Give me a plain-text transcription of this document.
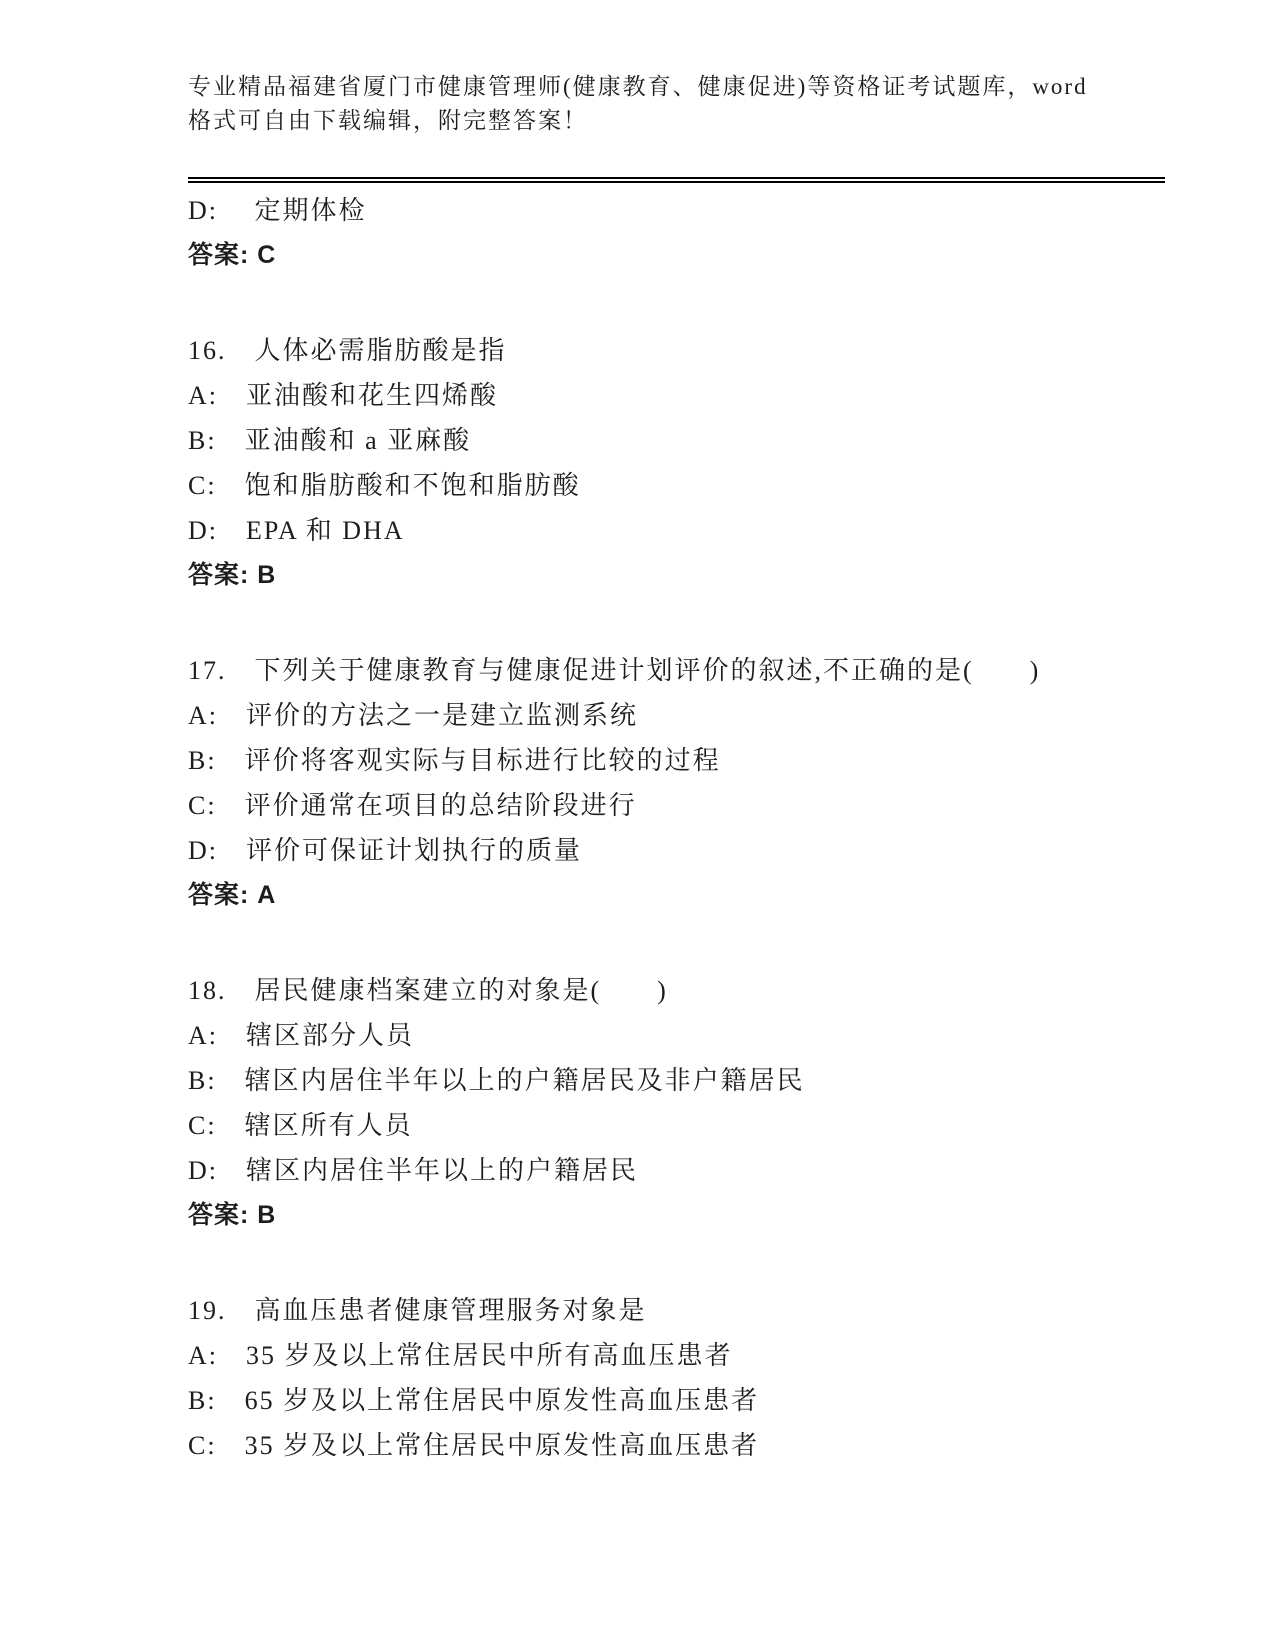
专业精品福建省厦门市健康管理师(健康教育、健康促进)等资格证考试题库，word
格式可自由下载编辑，附完整答案！
D:　 定期体检
答案: C
16.　人体必需脂肪酸是指
A:　亚油酸和花生四烯酸
B:　亚油酸和 a 亚麻酸
C:　饱和脂肪酸和不饱和脂肪酸
D:　EPA 和 DHA
答案: B
17.　下列关于健康教育与健康促进计划评价的叙述,不正确的是(　　)
A:　评价的方法之一是建立监测系统
B:　评价将客观实际与目标进行比较的过程
C:　评价通常在项目的总结阶段进行
D:　评价可保证计划执行的质量
答案: A
18.　居民健康档案建立的对象是(　　)
A:　辖区部分人员
B:　辖区内居住半年以上的户籍居民及非户籍居民
C:　辖区所有人员
D:　辖区内居住半年以上的户籍居民
答案: B
19.　高血压患者健康管理服务对象是
A:　35 岁及以上常住居民中所有高血压患者
B:　65 岁及以上常住居民中原发性高血压患者
C:　35 岁及以上常住居民中原发性高血压患者
